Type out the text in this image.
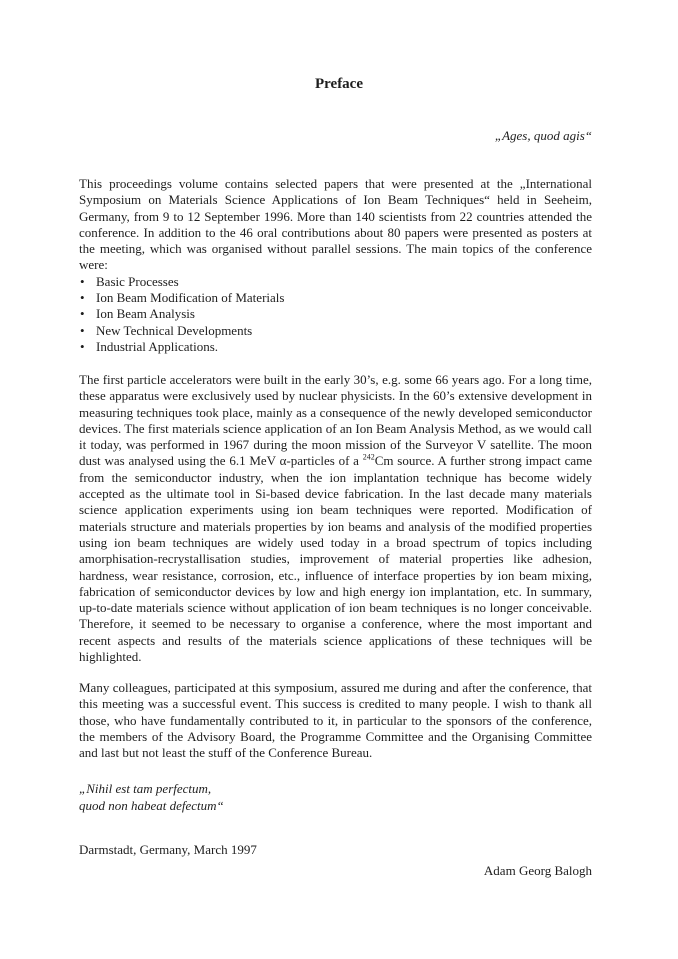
Preface
„Ages, quod agis“

This proceedings volume contains selected papers that were presented at the „International Symposium on Materials Science Applications of Ion Beam Techniques“ held in Seeheim, Germany, from 9 to 12 September 1996. More than 140 scientists from 22 countries attended the conference. In addition to the 46 oral contributions about 80 papers were presented as posters at the meeting, which was organised without parallel sessions. The main topics of the conference were:

• Basic Processes
• Ion Beam Modification of Materials
• Ion Beam Analysis
• New Technical Developments
• Industrial Applications.

The first particle accelerators were built in the early 30’s, e.g. some 66 years ago. For a long time, these apparatus were exclusively used by nuclear physicists. In the 60’s extensive development in measuring techniques took place, mainly as a consequence of the newly developed semiconductor devices. The first materials science application of an Ion Beam Analysis Method, as we would call it today, was performed in 1967 during the moon mission of the Surveyor V satellite. The moon dust was analysed using the 6.1 MeV α-particles of a $^{242}$Cm source. A further strong impact came from the semiconductor industry, when the ion implantation technique has become widely accepted as the ultimate tool in Si-based device fabrication. In the last decade many materials science application experiments using ion beam techniques were reported. Modification of materials structure and materials properties by ion beams and analysis of the modified properties using ion beam techniques are widely used today in a broad spectrum of topics including amorphisation-recrystallisation studies, improvement of material properties like adhesion, hardness, wear resistance, corrosion, etc., influence of interface properties by ion beam mixing, fabrication of semiconductor devices by low and high energy ion implantation, etc. In summary, up-to-date materials science without application of ion beam techniques is no longer conceivable. Therefore, it seemed to be necessary to organise a conference, where the most important and recent aspects and results of the materials science applications of these techniques will be highlighted.

Many colleagues, participated at this symposium, assured me during and after the conference, that this meeting was a successful event. This success is credited to many people. I wish to thank all those, who have fundamentally contributed to it, in particular to the sponsors of the conference, the members of the Advisory Board, the Programme Committee and the Organising Committee and last but not least the stuff of the Conference Bureau.

„Nihil est tam perfectum,
quod non habeat defectum“
Darmstadt, Germany, March 1997
Adam Georg Balogh
